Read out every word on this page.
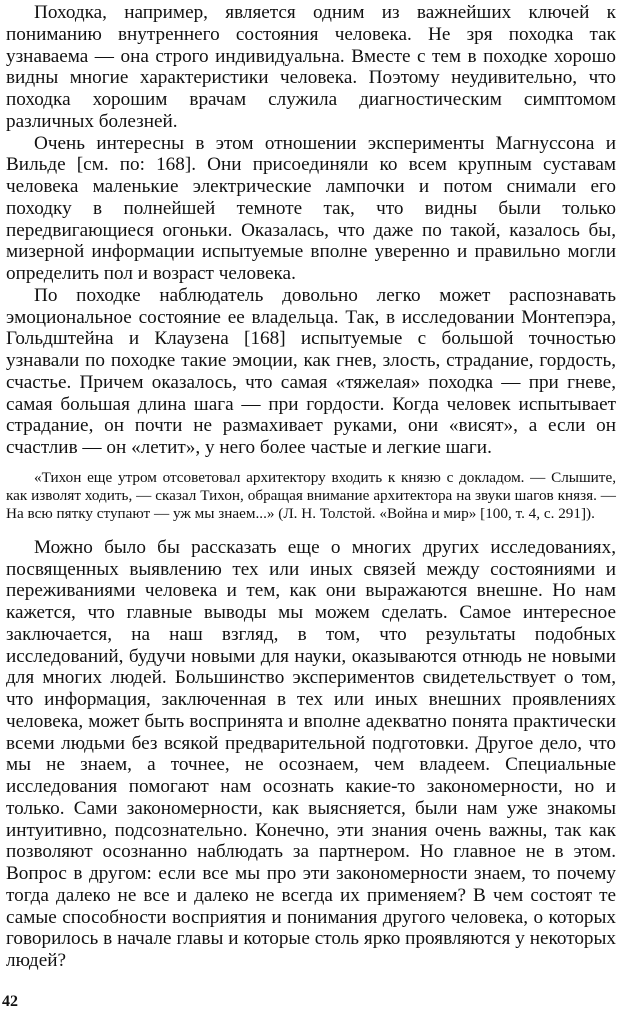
Походка, например, является одним из важнейших ключей к пониманию внутреннего состояния человека. Не зря походка так узнаваема — она строго индивидуальна. Вместе с тем в походке хорошо видны многие характеристики человека. Поэтому неудивительно, что походка хорошим врачам служила диагностическим симптомом различных болезней.

Очень интересны в этом отношении эксперименты Магнуссона и Вильде [см. по: 168]. Они присоединяли ко всем крупным суставам человека маленькие электрические лампочки и потом снимали его походку в полнейшей темноте так, что видны были только передвигающиеся огоньки. Оказалась, что даже по такой, казалось бы, мизерной информации испытуемые вполне уверенно и правильно могли определить пол и возраст человека.

По походке наблюдатель довольно легко может распознавать эмоциональное состояние ее владельца. Так, в исследовании Монтепэра, Гольдштейна и Клаузена [168] испытуемые с большой точностью узнавали по походке такие эмоции, как гнев, злость, страдание, гордость, счастье. Причем оказалось, что самая «тяжелая» походка — при гневе, самая большая длина шага — при гордости. Когда человек испытывает страдание, он почти не размахивает руками, они «висят», а если он счастлив — он «летит», у него более частые и легкие шаги.

«Тихон еще утром отсоветовал архитектору входить к князю с докладом. — Слышите, как изволят ходить, — сказал Тихон, обращая внимание архитектора на звуки шагов князя. — На всю пятку ступают — уж мы знаем...» (Л. Н. Толстой. «Война и мир» [100, т. 4, с. 291]).

Можно было бы рассказать еще о многих других исследованиях, посвященных выявлению тех или иных связей между состояниями и переживаниями человека и тем, как они выражаются внешне. Но нам кажется, что главные выводы мы можем сделать. Самое интересное заключается, на наш взгляд, в том, что результаты подобных исследований, будучи новыми для науки, оказываются отнюдь не новыми для многих людей. Большинство экспериментов свидетельствует о том, что информация, заключенная в тех или иных внешних проявлениях человека, может быть воспринята и вполне адекватно понята практически всеми людьми без всякой предварительной подготовки. Другое дело, что мы не знаем, а точнее, не осознаем, чем владеем. Специальные исследования помогают нам осознать какие-то закономерности, но и только. Сами закономерности, как выясняется, были нам уже знакомы интуитивно, подсознательно. Конечно, эти знания очень важны, так как позволяют осознанно наблюдать за партнером. Но главное не в этом. Вопрос в другом: если все мы про эти закономерности знаем, то почему тогда далеко не все и далеко не всегда их применяем? В чем состоят те самые способности восприятия и понимания другого человека, о которых говорилось в начале главы и которые столь ярко проявляются у некоторых людей?

42
